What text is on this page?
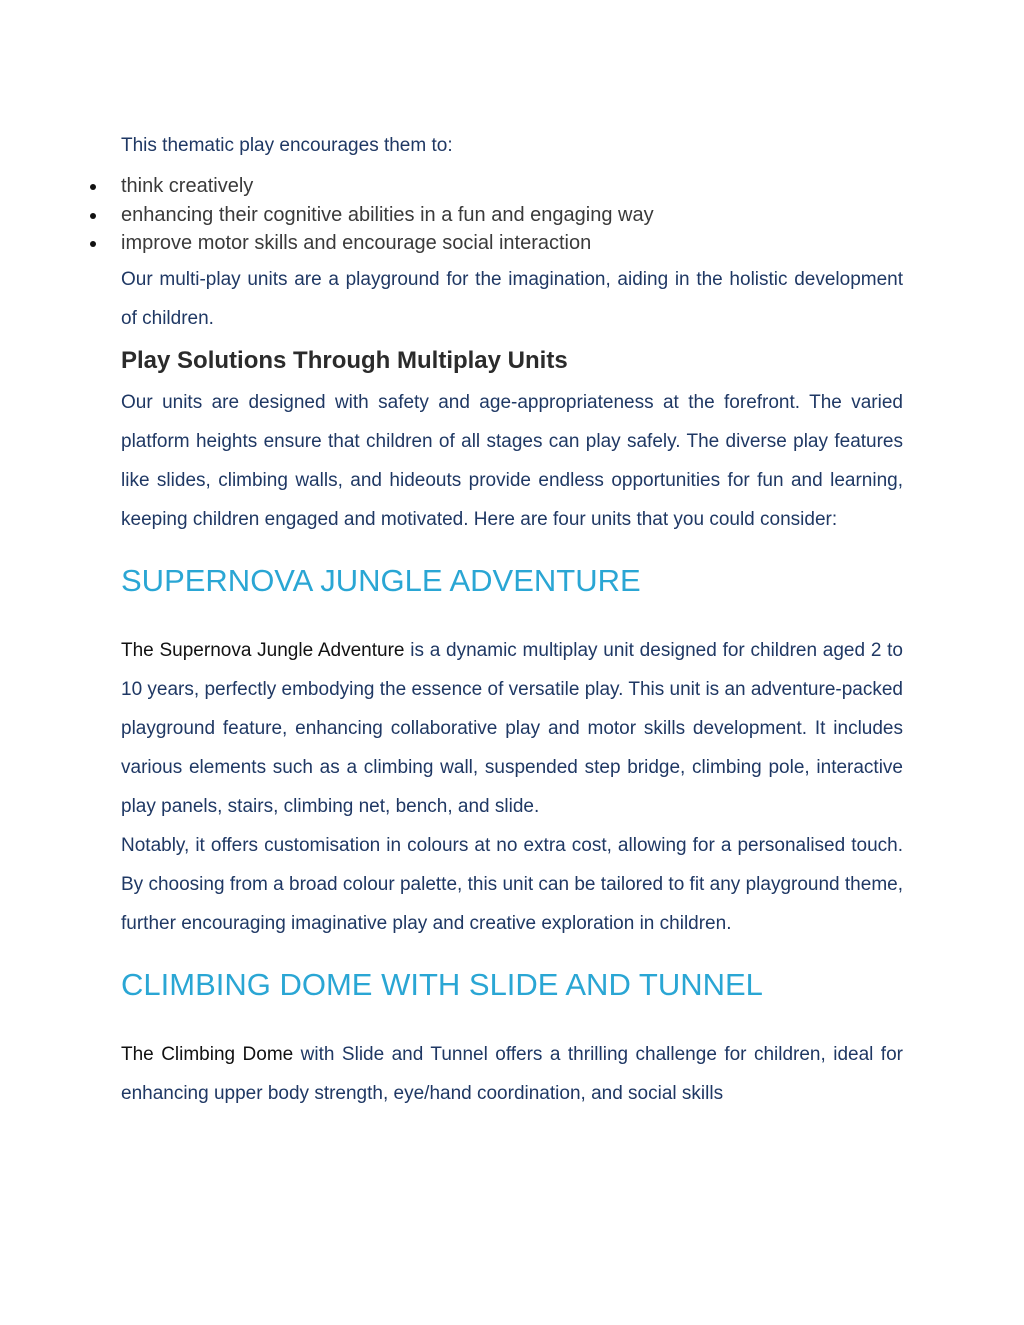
This thematic play encourages them to:

think creatively
enhancing their cognitive abilities in a fun and engaging way
improve motor skills and encourage social interaction

Our multi-play units are a playground for the imagination, aiding in the holistic development of children.

Play Solutions Through Multiplay Units

Our units are designed with safety and age-appropriateness at the forefront. The varied platform heights ensure that children of all stages can play safely. The diverse play features like slides, climbing walls, and hideouts provide endless opportunities for fun and learning, keeping children engaged and motivated. Here are four units that you could consider:

SUPERNOVA JUNGLE ADVENTURE

The Supernova Jungle Adventure is a dynamic multiplay unit designed for children aged 2 to 10 years, perfectly embodying the essence of versatile play. This unit is an adventure-packed playground feature, enhancing collaborative play and motor skills development. It includes various elements such as a climbing wall, suspended step bridge, climbing pole, interactive play panels, stairs, climbing net, bench, and slide.

Notably, it offers customisation in colours at no extra cost, allowing for a personalised touch. By choosing from a broad colour palette, this unit can be tailored to fit any playground theme, further encouraging imaginative play and creative exploration in children.

CLIMBING DOME WITH SLIDE AND TUNNEL

The Climbing Dome with Slide and Tunnel offers a thrilling challenge for children, ideal for enhancing upper body strength, eye/hand coordination, and social skills
